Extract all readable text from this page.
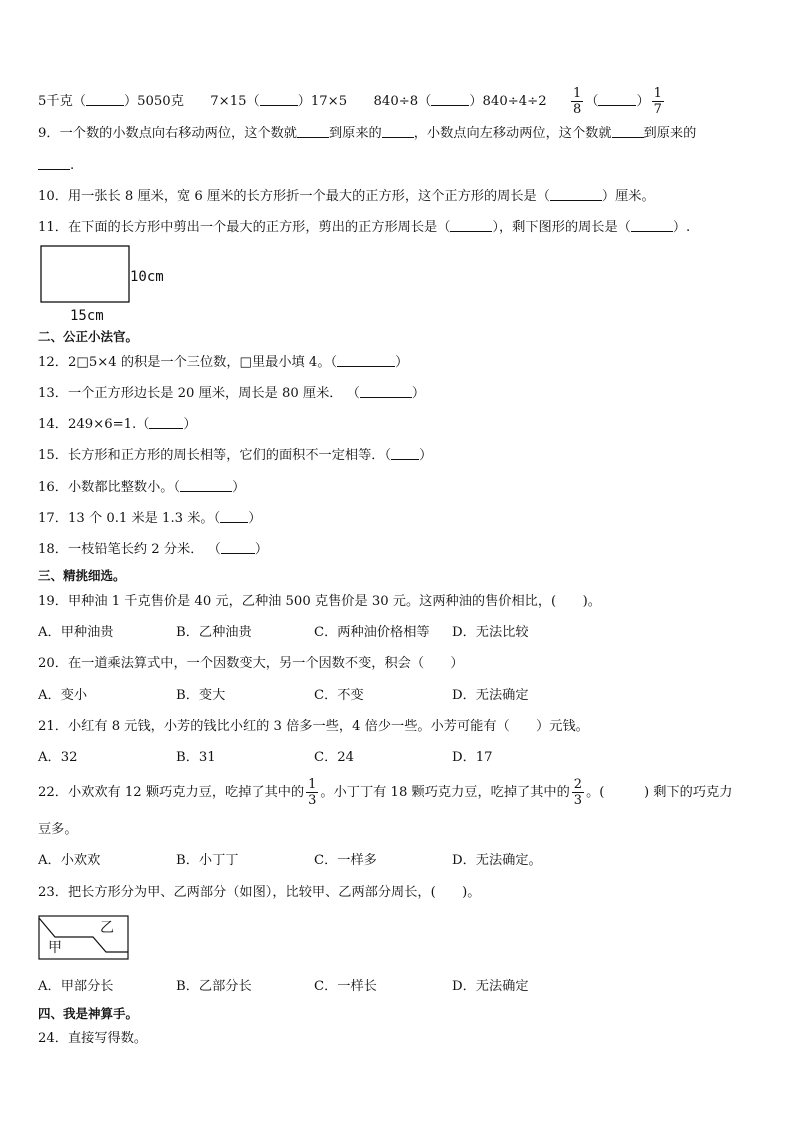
5千克（	）5050克 7×15（	）17×5 840÷8（	）$840\div 4\div 2 \frac{1}{8}$ （	） $\frac{1}{7}$
9．一个数的小数点向右移动两位，这个数就 到原来的 ，小数点向左移动两位，这个数就 到原来的
.
10．用一张长 8 厘米，宽 6 厘米的长方形折一个最大的正方形，这个正方形的周长是（	）厘米。
11．在下面的长方形中剪出一个最大的正方形，剪出的正方形周长是（	），剩下图形的周长是（	）.
10cm
15cm
二、公正小法官。
12．2□5×4 的积是一个三位数，□里最小填 4。（	）
13．一个正方形边长是 20 厘米，周长是 80 厘米． （	）
14．249×6=1.（	）
15．长方形和正方形的周长相等，它们的面积不一定相等．（ ）
16．小数都比整数小。（	）
17．13 个 0.1 米是 1.3 米。（ ）
18．一枝铅笔长约 2 分米． （	）
三、精挑细选。
19．甲种油 1 千克售价是 40 元，乙种油 500 克售价是 30 元。这两种油的售价相比，(　　)。
A．甲种油贵	B．乙种油贵	C．两种油价格相等 D．无法比较
20．在一道乘法算式中，一个因数变大，另一个因数不变，积会（　　）
A．变小	B．变大	C．不变	D．无法确定
21．小红有 8 元钱，小芳的钱比小红的 3 倍多一些，4 倍少一些。小芳可能有（　　）元钱。
A．32	B．31	C．24	D．17
22．小欢欢有 12 颗巧克力豆，吃掉了其中的 $\frac{1}{3}$ 。小丁丁有 18 颗巧克力豆，吃掉了其中的 $\frac{2}{3}$ 。(　　　) 剩下的巧克力
豆多。
A．小欢欢	B．小丁丁	C．一样多	D．无法确定。
23．把长方形分为甲、乙两部分（如图），比较甲、乙两部分周长，(　　)。
甲
乙
A．甲部分长	B．乙部分长	C．一样长	D．无法确定
四、我是神算手。
24．直接写得数。
